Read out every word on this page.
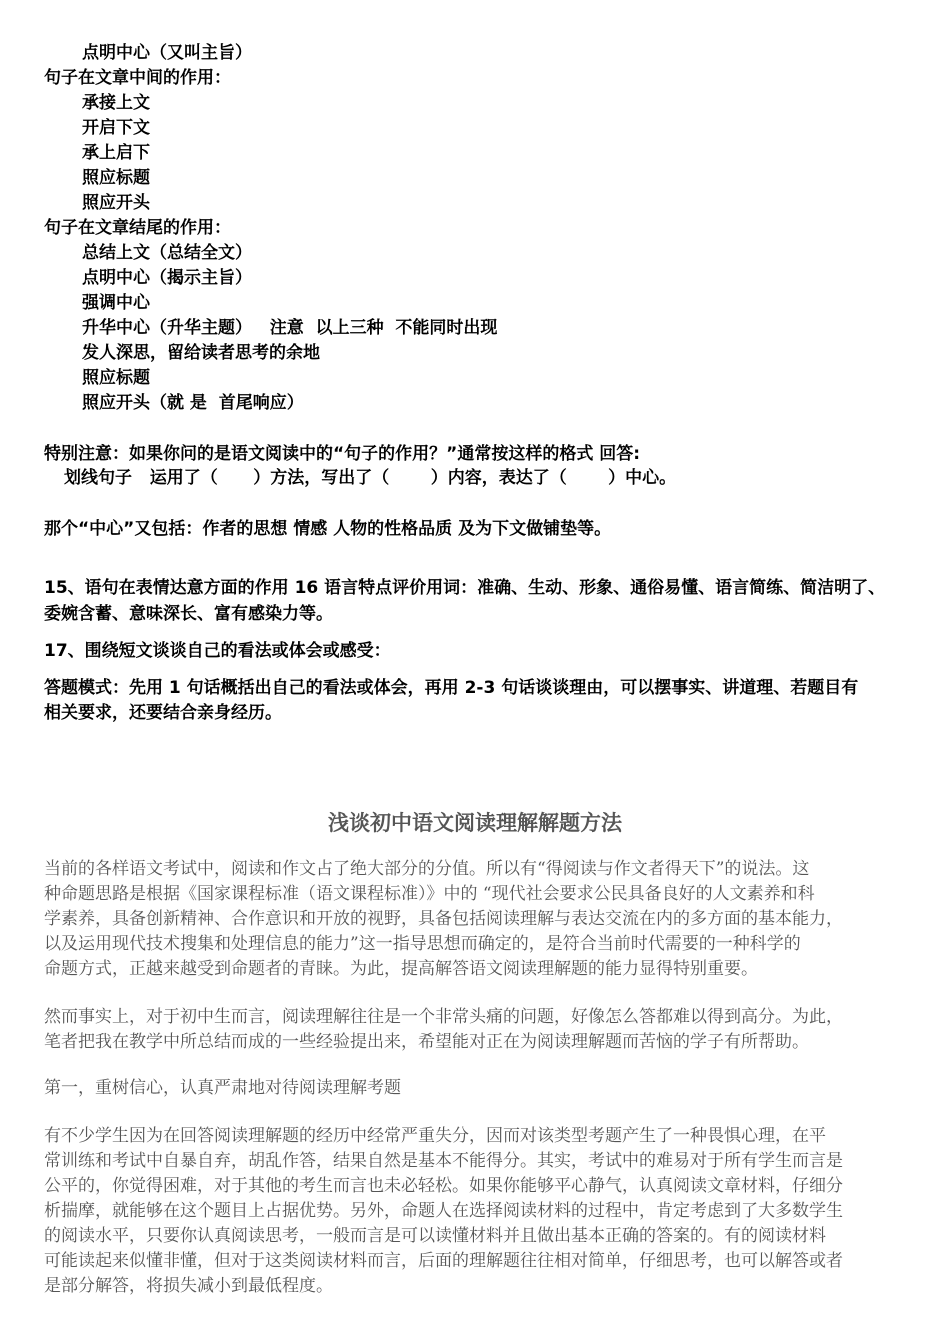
点明中心（又叫主旨）
句子在文章中间的作用：
承接上文
开启下文
承上启下
照应标题
照应开头
句子在文章结尾的作用：
总结上文（总结全文）
点明中心（揭示主旨）
强调中心
升华中心（升华主题）   注意  以上三种  不能同时出现
发人深思，留给读者思考的余地
照应标题
照应开头（就 是  首尾响应）
特别注意：如果你问的是语文阅读中的“句子的作用？”通常按这样的格式 回答:
划线句子   运用了（      ）方法，写出了（       ）内容，表达了（       ）中心。
那个“中心”又包括：作者的思想 情感 人物的性格品质 及为下文做铺垫等。
15、语句在表情达意方面的作用 16 语言特点评价用词：准确、生动、形象、通俗易懂、语言简练、简洁明了、
委婉含蓄、意味深长、富有感染力等。
17、围绕短文谈谈自己的看法或体会或感受：
答题模式：先用 1 句话概括出自己的看法或体会，再用 2-3 句话谈谈理由，可以摆事实、讲道理、若题目有
相关要求，还要结合亲身经历。
浅谈初中语文阅读理解解题方法
当前的各样语文考试中，阅读和作文占了绝大部分的分值。所以有“得阅读与作文者得天下”的说法。这
种命题思路是根据《国家课程标准（语文课程标准）》中的 “现代社会要求公民具备良好的人文素养和科
学素养，具备创新精神、合作意识和开放的视野，具备包括阅读理解与表达交流在内的多方面的基本能力，
以及运用现代技术搜集和处理信息的能力”这一指导思想而确定的，是符合当前时代需要的一种科学的
命题方式，正越来越受到命题者的青睐。为此，提高解答语文阅读理解题的能力显得特别重要。
然而事实上，对于初中生而言，阅读理解往往是一个非常头痛的问题，好像怎么答都难以得到高分。为此，
笔者把我在教学中所总结而成的一些经验提出来，希望能对正在为阅读理解题而苦恼的学子有所帮助。
第一，重树信心，认真严肃地对待阅读理解考题
有不少学生因为在回答阅读理解题的经历中经常严重失分，因而对该类型考题产生了一种畏惧心理，在平
常训练和考试中自暴自弃，胡乱作答，结果自然是基本不能得分。其实，考试中的难易对于所有学生而言是
公平的，你觉得困难，对于其他的考生而言也未必轻松。如果你能够平心静气，认真阅读文章材料，仔细分
析揣摩，就能够在这个题目上占据优势。另外，命题人在选择阅读材料的过程中，肯定考虑到了大多数学生
的阅读水平，只要你认真阅读思考，一般而言是可以读懂材料并且做出基本正确的答案的。有的阅读材料
可能读起来似懂非懂，但对于这类阅读材料而言，后面的理解题往往相对简单，仔细思考，也可以解答或者
是部分解答，将损失减小到最低程度。
